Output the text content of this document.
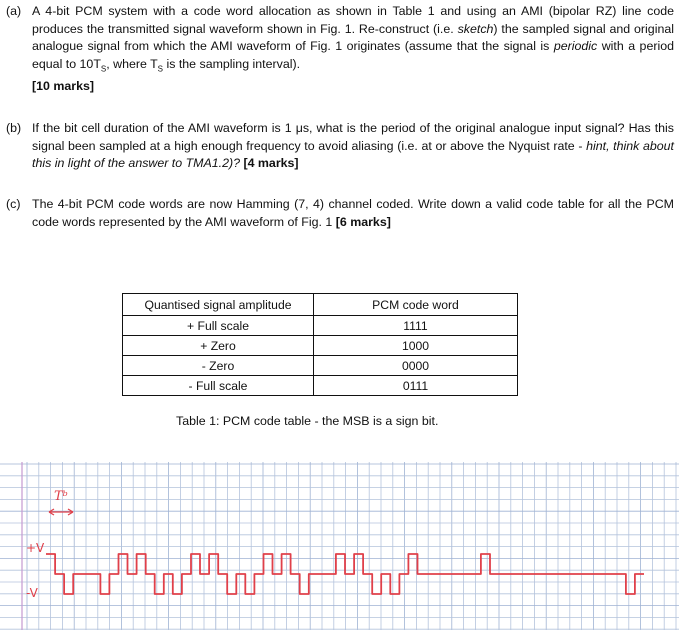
(a) A 4-bit PCM system with a code word allocation as shown in Table 1 and using an AMI (bipolar RZ) line code produces the transmitted signal waveform shown in Fig. 1. Re-construct (i.e. sketch) the sampled signal and original analogue signal from which the AMI waveform of Fig. 1 originates (assume that the signal is periodic with a period equal to $10T_S$, where $T_S$ is the sampling interval).
[10 marks]
(b) If the bit cell duration of the AMI waveform is 1 μs, what is the period of the original analogue input signal? Has this signal been sampled at a high enough frequency to avoid aliasing (i.e. at or above the Nyquist rate - hint, think about this in light of the answer to TMA1.2)? [4 marks]
(c) The 4-bit PCM code words are now Hamming (7, 4) channel coded. Write down a valid code table for all the PCM code words represented by the AMI waveform of Fig. 1 [6 marks]
Quantised signal amplitude	PCM code word
+ Full scale	1111
+ Zero	1000
- Zero	0000
- Full scale	0111
Table 1: PCM code table - the MSB is a sign bit.
Tᵇ
+V
-V
